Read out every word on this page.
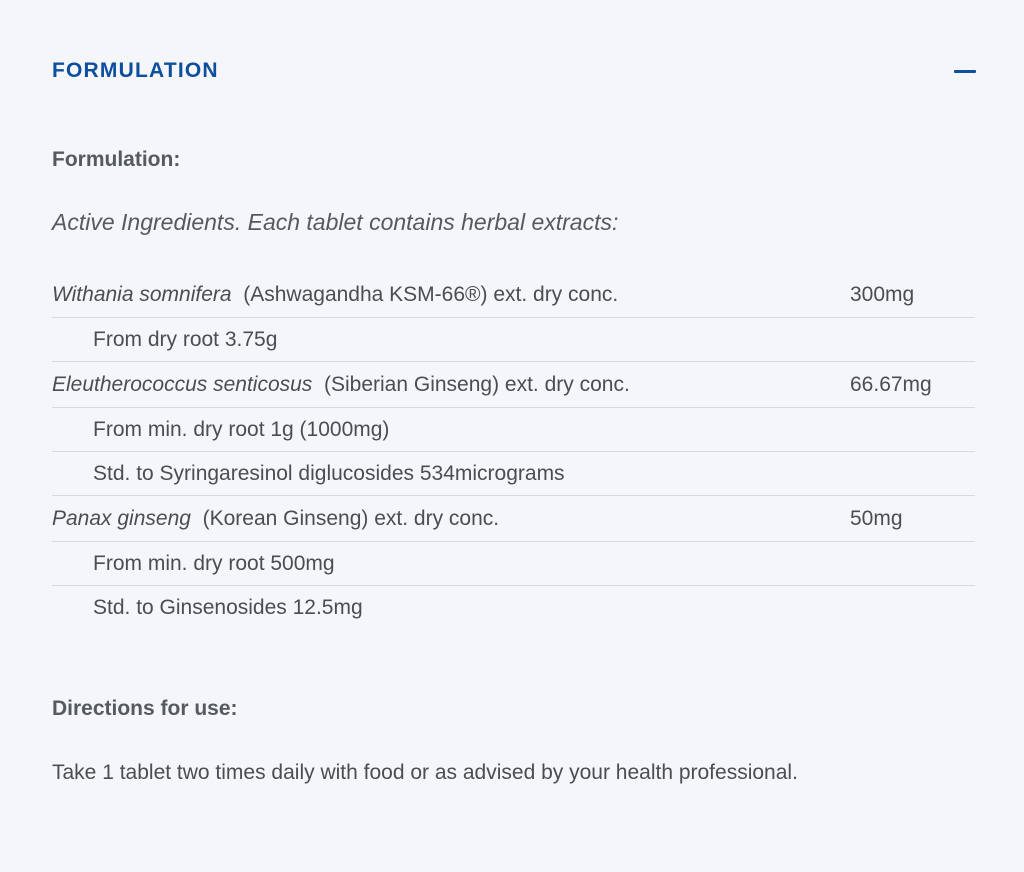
FORMULATION
Formulation:

Active Ingredients. Each tablet contains herbal extracts:

Withania somnifera (Ashwagandha KSM-66®) ext. dry conc.	300mg
From dry root 3.75g	
Eleutherococcus senticosus (Siberian Ginseng) ext. dry conc.	66.67mg
From min. dry root 1g (1000mg)	
Std. to Syringaresinol diglucosides 534micrograms	
Panax ginseng (Korean Ginseng) ext. dry conc.	50mg
From min. dry root 500mg	
Std. to Ginsenosides 12.5mg	
Directions for use:

Take 1 tablet two times daily with food or as advised by your health professional.
